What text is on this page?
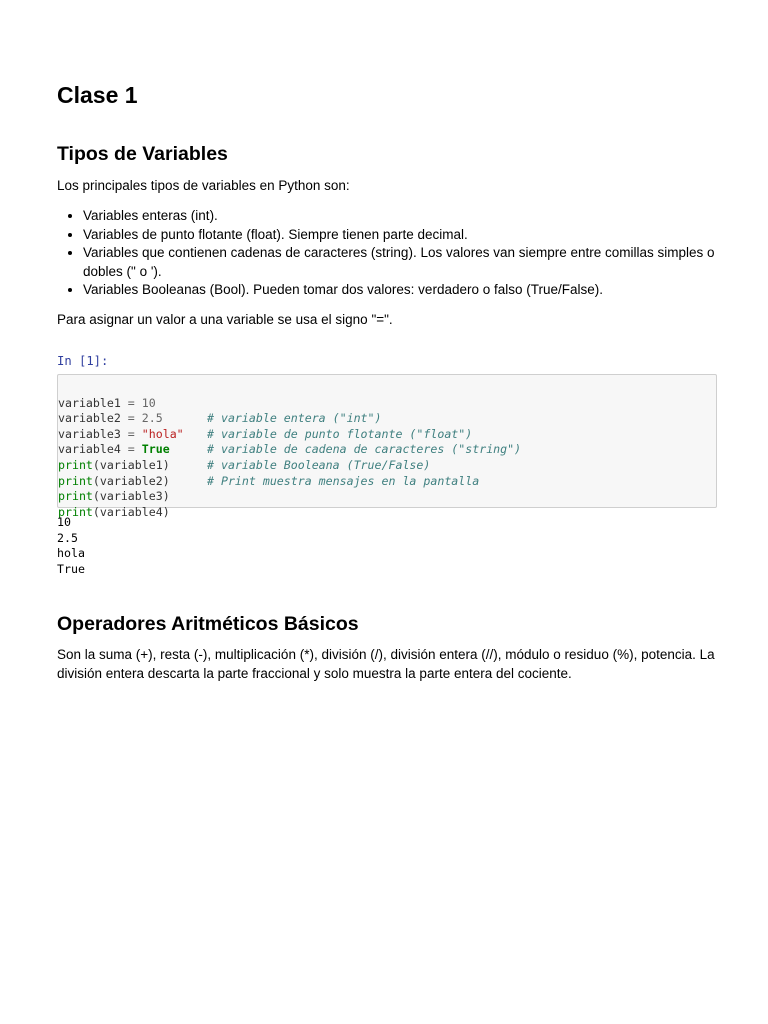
Clase 1
Tipos de Variables

Los principales tipos de variables en Python son:

• Variables enteras (int).
• Variables de punto flotante (float). Siempre tienen parte decimal.
• Variables que contienen cadenas de caracteres (string). Los valores van siempre entre comillas simples o dobles (" o ').
• Variables Booleanas (Bool). Pueden tomar dos valores: verdadero o falso (True/False).

Para asignar un valor a una variable se usa el signo "=".

In [1]:

variable1 = 10

# variable entera ("int")

variable2 = 2.5

# variable de punto flotante ("float")

variable3 = "hola"

# variable de cadena de caracteres ("string")

variable4 = True

# variable Booleana (True/False)

print(variable1)

# Print muestra mensajes en la pantalla

print(variable2)

print(variable3)

print(variable4)

10
2.5
hola
True
Operadores Aritméticos Básicos

Son la suma (+), resta (-), multiplicación (*), división (/), división entera (//), módulo o residuo (%), potencia. La división entera descarta la parte fraccional y solo muestra la parte entera del cociente.
